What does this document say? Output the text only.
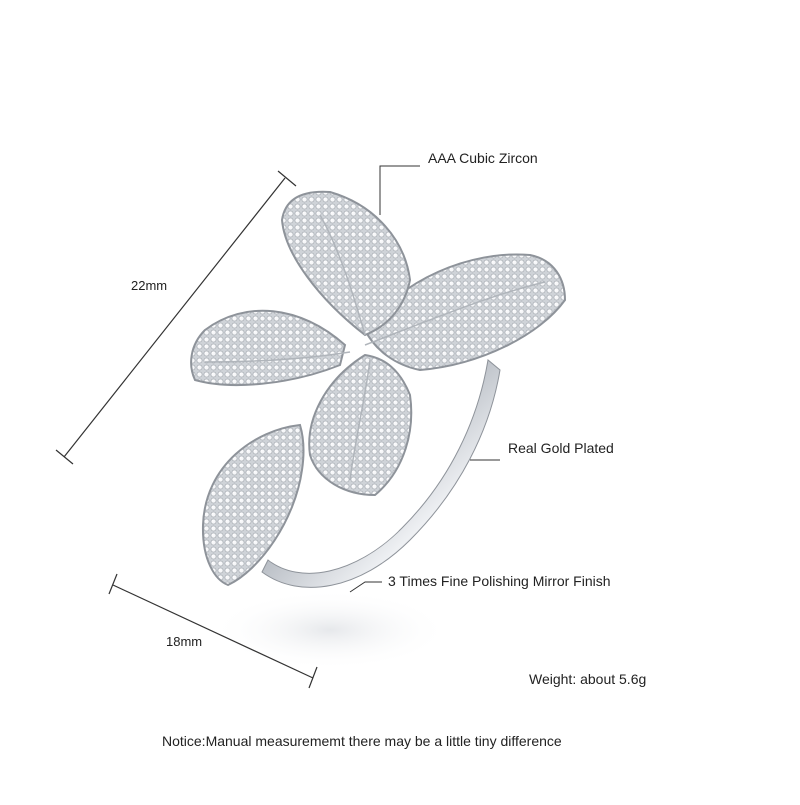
AAA Cubic Zircon
Real Gold Plated
3 Times Fine Polishing Mirror Finish
22mm
18mm
Weight: about 5.6g
Notice:Manual measurememt there may be a little tiny difference
